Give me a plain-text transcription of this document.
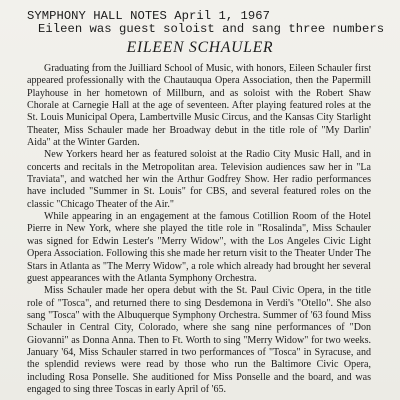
SYMPHONY HALL NOTES April 1, 1967
Eileen was guest soloist and sang three numbers
EILEEN SCHAULER

Graduating from the Juilliard School of Music, with honors, Eileen Schauler first appeared professionally with the Chautauqua Opera Association, then the Papermill Playhouse in her hometown of Millburn, and as soloist with the Robert Shaw Chorale at Carnegie Hall at the age of seventeen. After playing featured roles at the St. Louis Municipal Opera, Lambertville Music Circus, and the Kansas City Starlight Theater, Miss Schauler made her Broadway debut in the title role of "My Darlin' Aida" at the Winter Garden.

New Yorkers heard her as featured soloist at the Radio City Music Hall, and in concerts and recitals in the Metropolitan area. Television audiences saw her in "La Traviata", and watched her win the Arthur Godfrey Show. Her radio performances have included "Summer in St. Louis" for CBS, and several featured roles on the classic "Chicago Theater of the Air."

While appearing in an engagement at the famous Cotillion Room of the Hotel Pierre in New York, where she played the title role in "Rosalinda", Miss Schauler was signed for Edwin Lester's "Merry Widow", with the Los Angeles Civic Light Opera Association. Following this she made her return visit to the Theater Under The Stars in Atlanta as "The Merry Widow", a role which already had brought her several guest appearances with the Atlanta Symphony Orchestra.

Miss Schauler made her opera debut with the St. Paul Civic Opera, in the title role of "Tosca", and returned there to sing Desdemona in Verdi's "Otello". She also sang "Tosca" with the Albuquerque Symphony Orchestra. Summer of '63 found Miss Schauler in Central City, Colorado, where she sang nine performances of "Don Giovanni" as Donna Anna. Then to Ft. Worth to sing "Merry Widow" for two weeks. January '64, Miss Schauler starred in two performances of "Tosca" in Syracuse, and the splendid reviews were read by those who run the Baltimore Civic Opera, including Rosa Ponselle. She auditioned for Miss Ponselle and the board, and was engaged to sing three Toscas in early April of '65.
